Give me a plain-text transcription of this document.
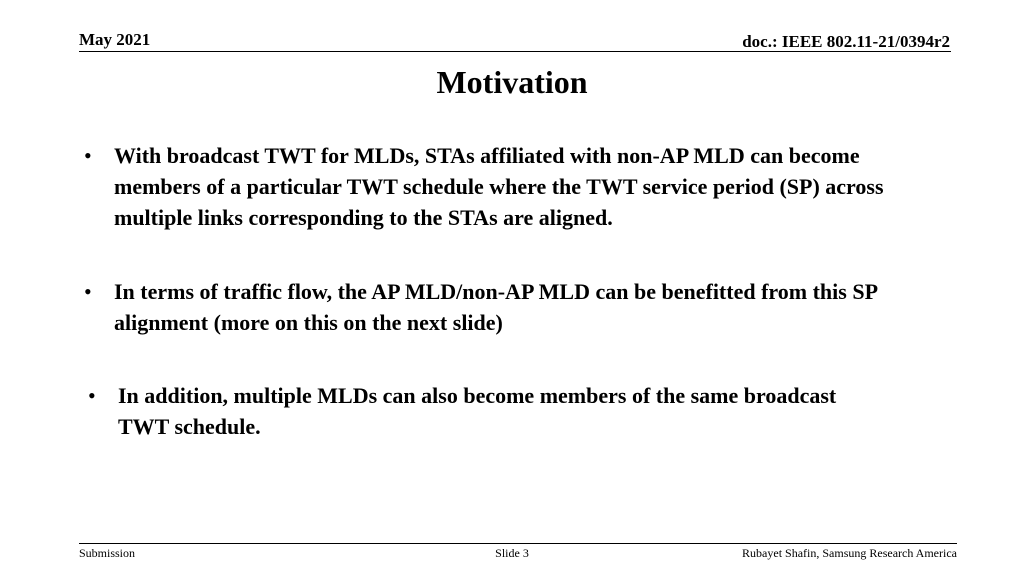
May 2021	doc.: IEEE 802.11-21/0394r2
Motivation
•	With broadcast TWT for MLDs, STAs affiliated with non-AP MLD can become members of a particular TWT schedule where the TWT service period (SP) across multiple links corresponding to the STAs are aligned.
•	In terms of traffic flow, the AP MLD/non-AP MLD can be benefitted from this SP alignment (more on this on the next slide)
•	In addition, multiple MLDs can also become members of the same broadcast TWT schedule.
Submission	Slide 3	Rubayet Shafin, Samsung Research America
